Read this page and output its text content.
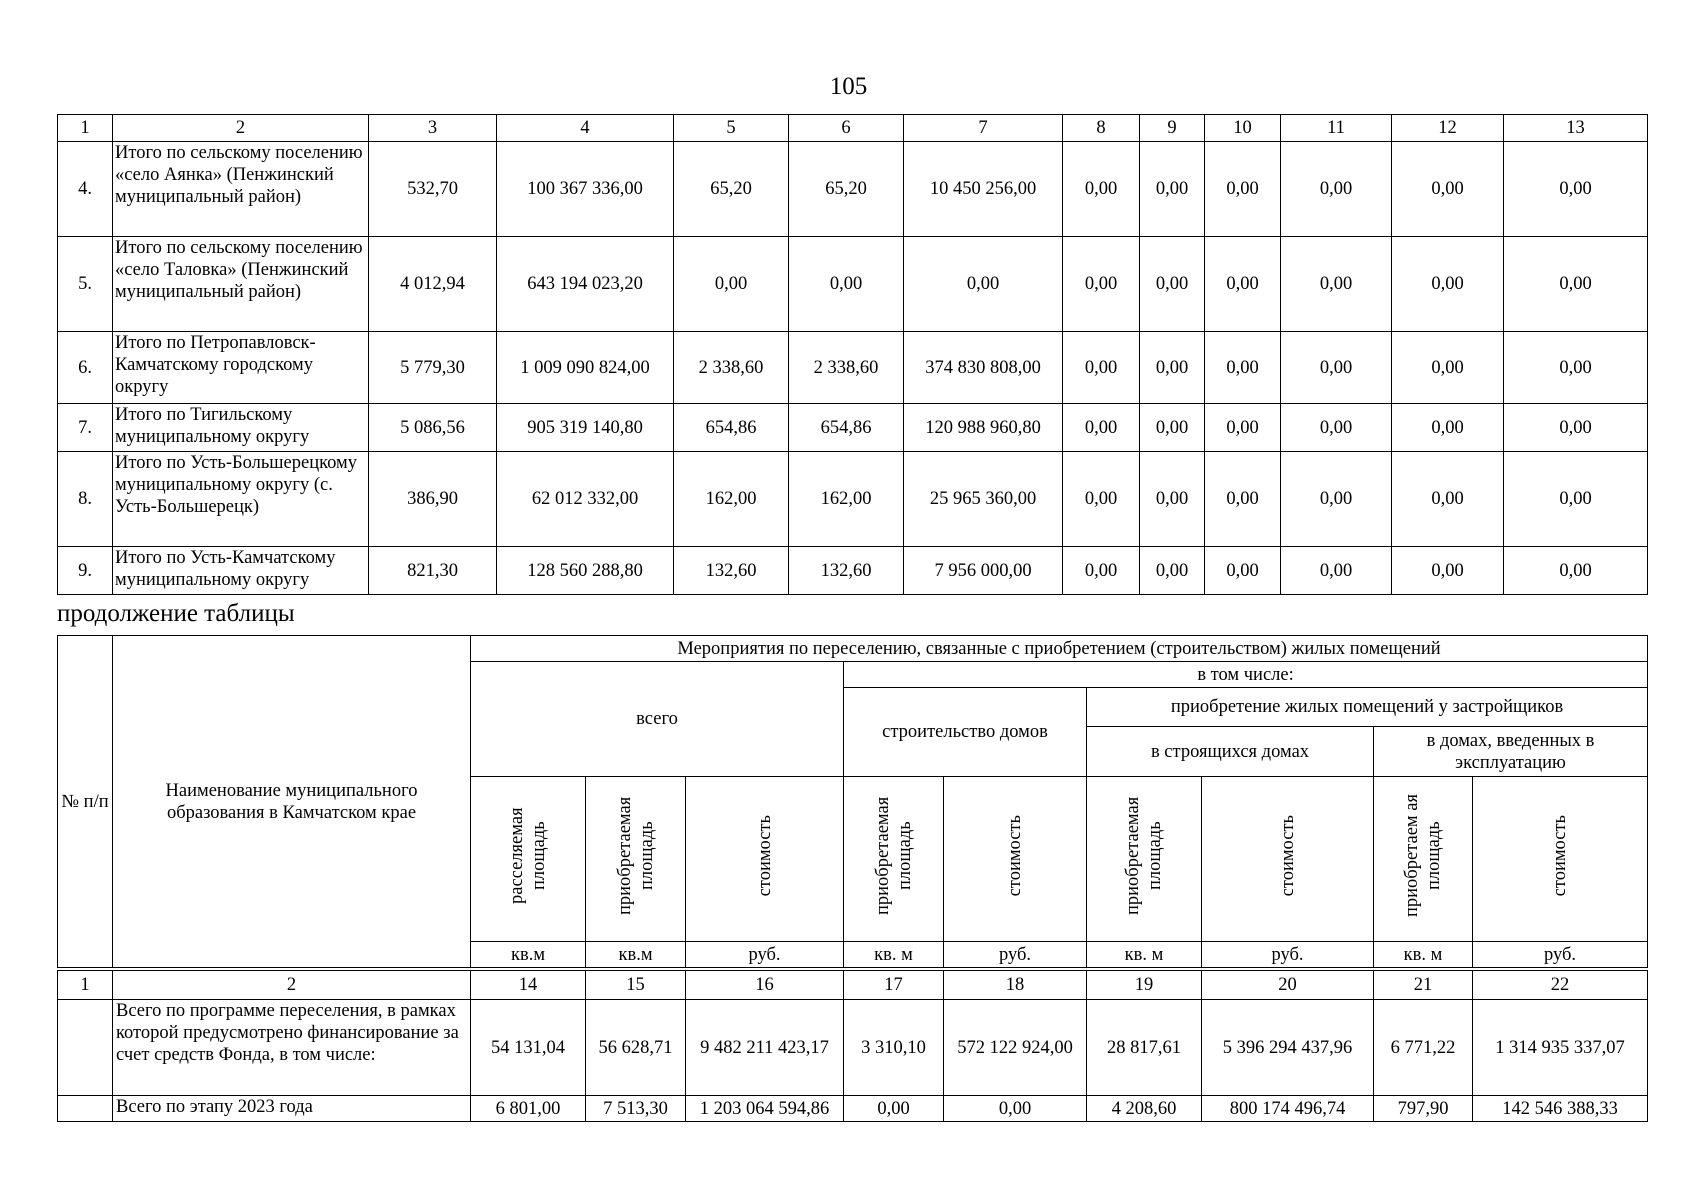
105
1	2	3	4	5	6	7	8	9	10	11	12	13
4.	Итого по сельскому поселению «село Аянка» (Пенжинский муниципальный район)	532,70	100 367 336,00	65,20	65,20	10 450 256,00	0,00	0,00	0,00	0,00	0,00	0,00
5.	Итого по сельскому поселению «село Таловка» (Пенжинский муниципальный район)	4 012,94	643 194 023,20	0,00	0,00	0,00	0,00	0,00	0,00	0,00	0,00	0,00
6.	Итого по Петропавловск-Камчатскому городскому округу	5 779,30	1 009 090 824,00	2 338,60	2 338,60	374 830 808,00	0,00	0,00	0,00	0,00	0,00	0,00
7.	Итого по Тигильскому муниципальному округу	5 086,56	905 319 140,80	654,86	654,86	120 988 960,80	0,00	0,00	0,00	0,00	0,00	0,00
8.	Итого по Усть-Большерецкому муниципальному округу (с. Усть-Большерецк)	386,90	62 012 332,00	162,00	162,00	25 965 360,00	0,00	0,00	0,00	0,00	0,00	0,00
9.	Итого по Усть-Камчатскому муниципальному округу	821,30	128 560 288,80	132,60	132,60	7 956 000,00	0,00	0,00	0,00	0,00	0,00	0,00
продолжение таблицы
№ п/п	Наименование муниципального образования в Камчатском крае	Мероприятия по переселению, связанные с приобретением (строительством) жилых помещений								
		всего			в том числе:					
					строительство домов		приобретение жилых помещений у застройщиков			
							в строящихся домах		в домах, введенных в эксплуатацию	
		расселяемая площадь	приобретаемая площадь	стоимость	приобретаемая площадь	стоимость	приобретаемая площадь	стоимость	приобретаем ая площадь	стоимость
		кв.м	кв.м	руб.	кв. м	руб.	кв. м	руб.	кв. м	руб.
1	2	14	15	16	17	18	19	20	21	22
	Всего по программе переселения, в рамках которой предусмотрено финансирование за счет средств Фонда, в том числе:	54 131,04	56 628,71	9 482 211 423,17	3 310,10	572 122 924,00	28 817,61	5 396 294 437,96	6 771,22	1 314 935 337,07
	Всего по этапу 2023 года	6 801,00	7 513,30	1 203 064 594,86	0,00	0,00	4 208,60	800 174 496,74	797,90	142 546 388,33
